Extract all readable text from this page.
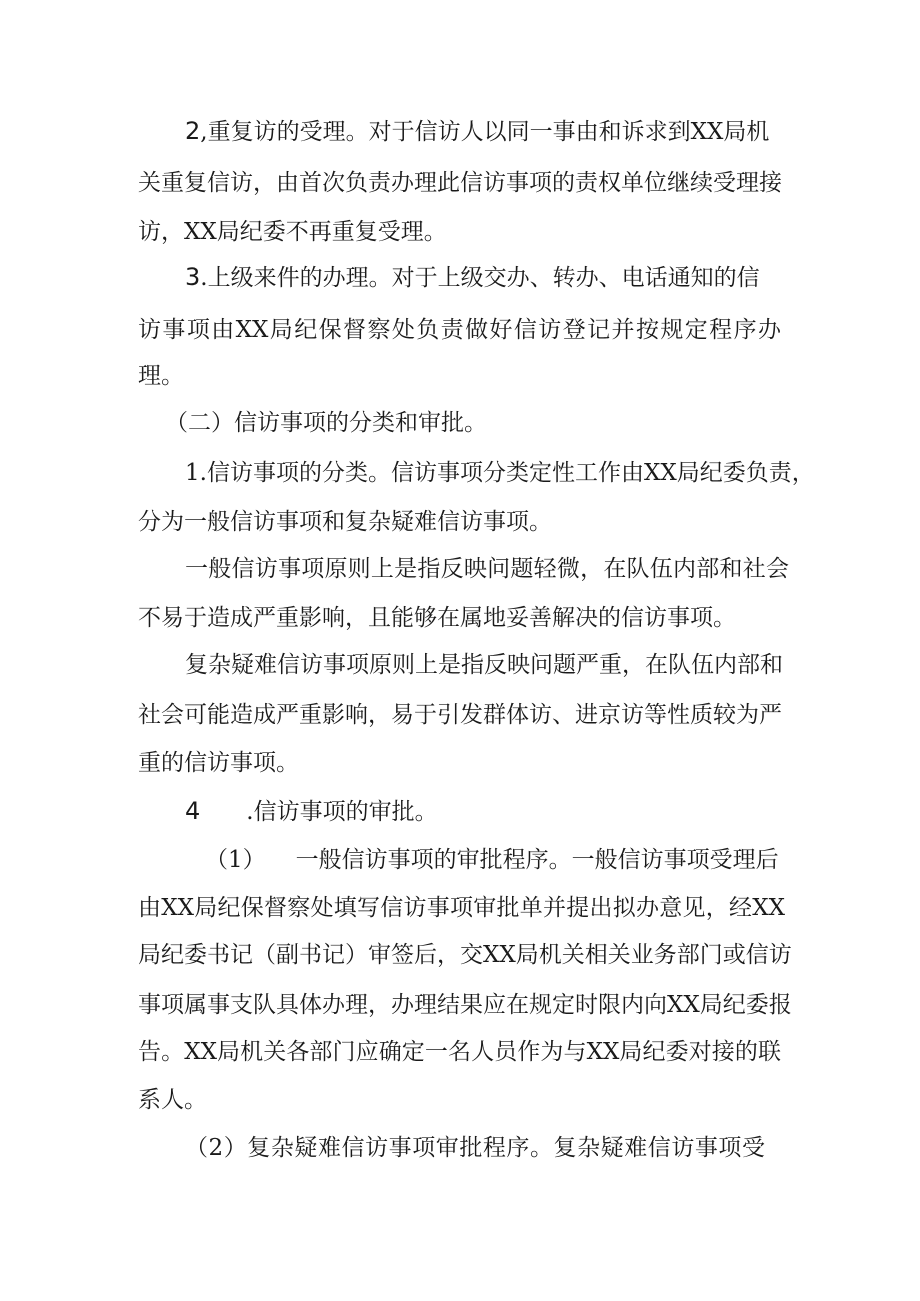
2,重复访的受理。对于信访人以同一事由和诉求到XX局机
关重复信访，由首次负责办理此信访事项的责权单位继续受理接
访，XX局纪委不再重复受理。
3.上级来件的办理。对于上级交办、转办、电话通知的信
访事项由XX局纪保督察处负责做好信访登记并按规定程序办
理。
（二）信访事项的分类和审批。
1.信访事项的分类。信访事项分类定性工作由XX局纪委负责，
分为一般信访事项和复杂疑难信访事项。
一般信访事项原则上是指反映问题轻微，在队伍内部和社会
不易于造成严重影响，且能够在属地妥善解决的信访事项。
复杂疑难信访事项原则上是指反映问题严重，在队伍内部和
社会可能造成严重影响，易于引发群体访、进京访等性质较为严
重的信访事项。
4 .信访事项的审批。
（1） 一般信访事项的审批程序。一般信访事项受理后
由XX局纪保督察处填写信访事项审批单并提出拟办意见，经XX
局纪委书记（副书记）审签后，交XX局机关相关业务部门或信访
事项属事支队具体办理，办理结果应在规定时限内向XX局纪委报
告。XX局机关各部门应确定一名人员作为与XX局纪委对接的联
系人。
（2）复杂疑难信访事项审批程序。复杂疑难信访事项受
